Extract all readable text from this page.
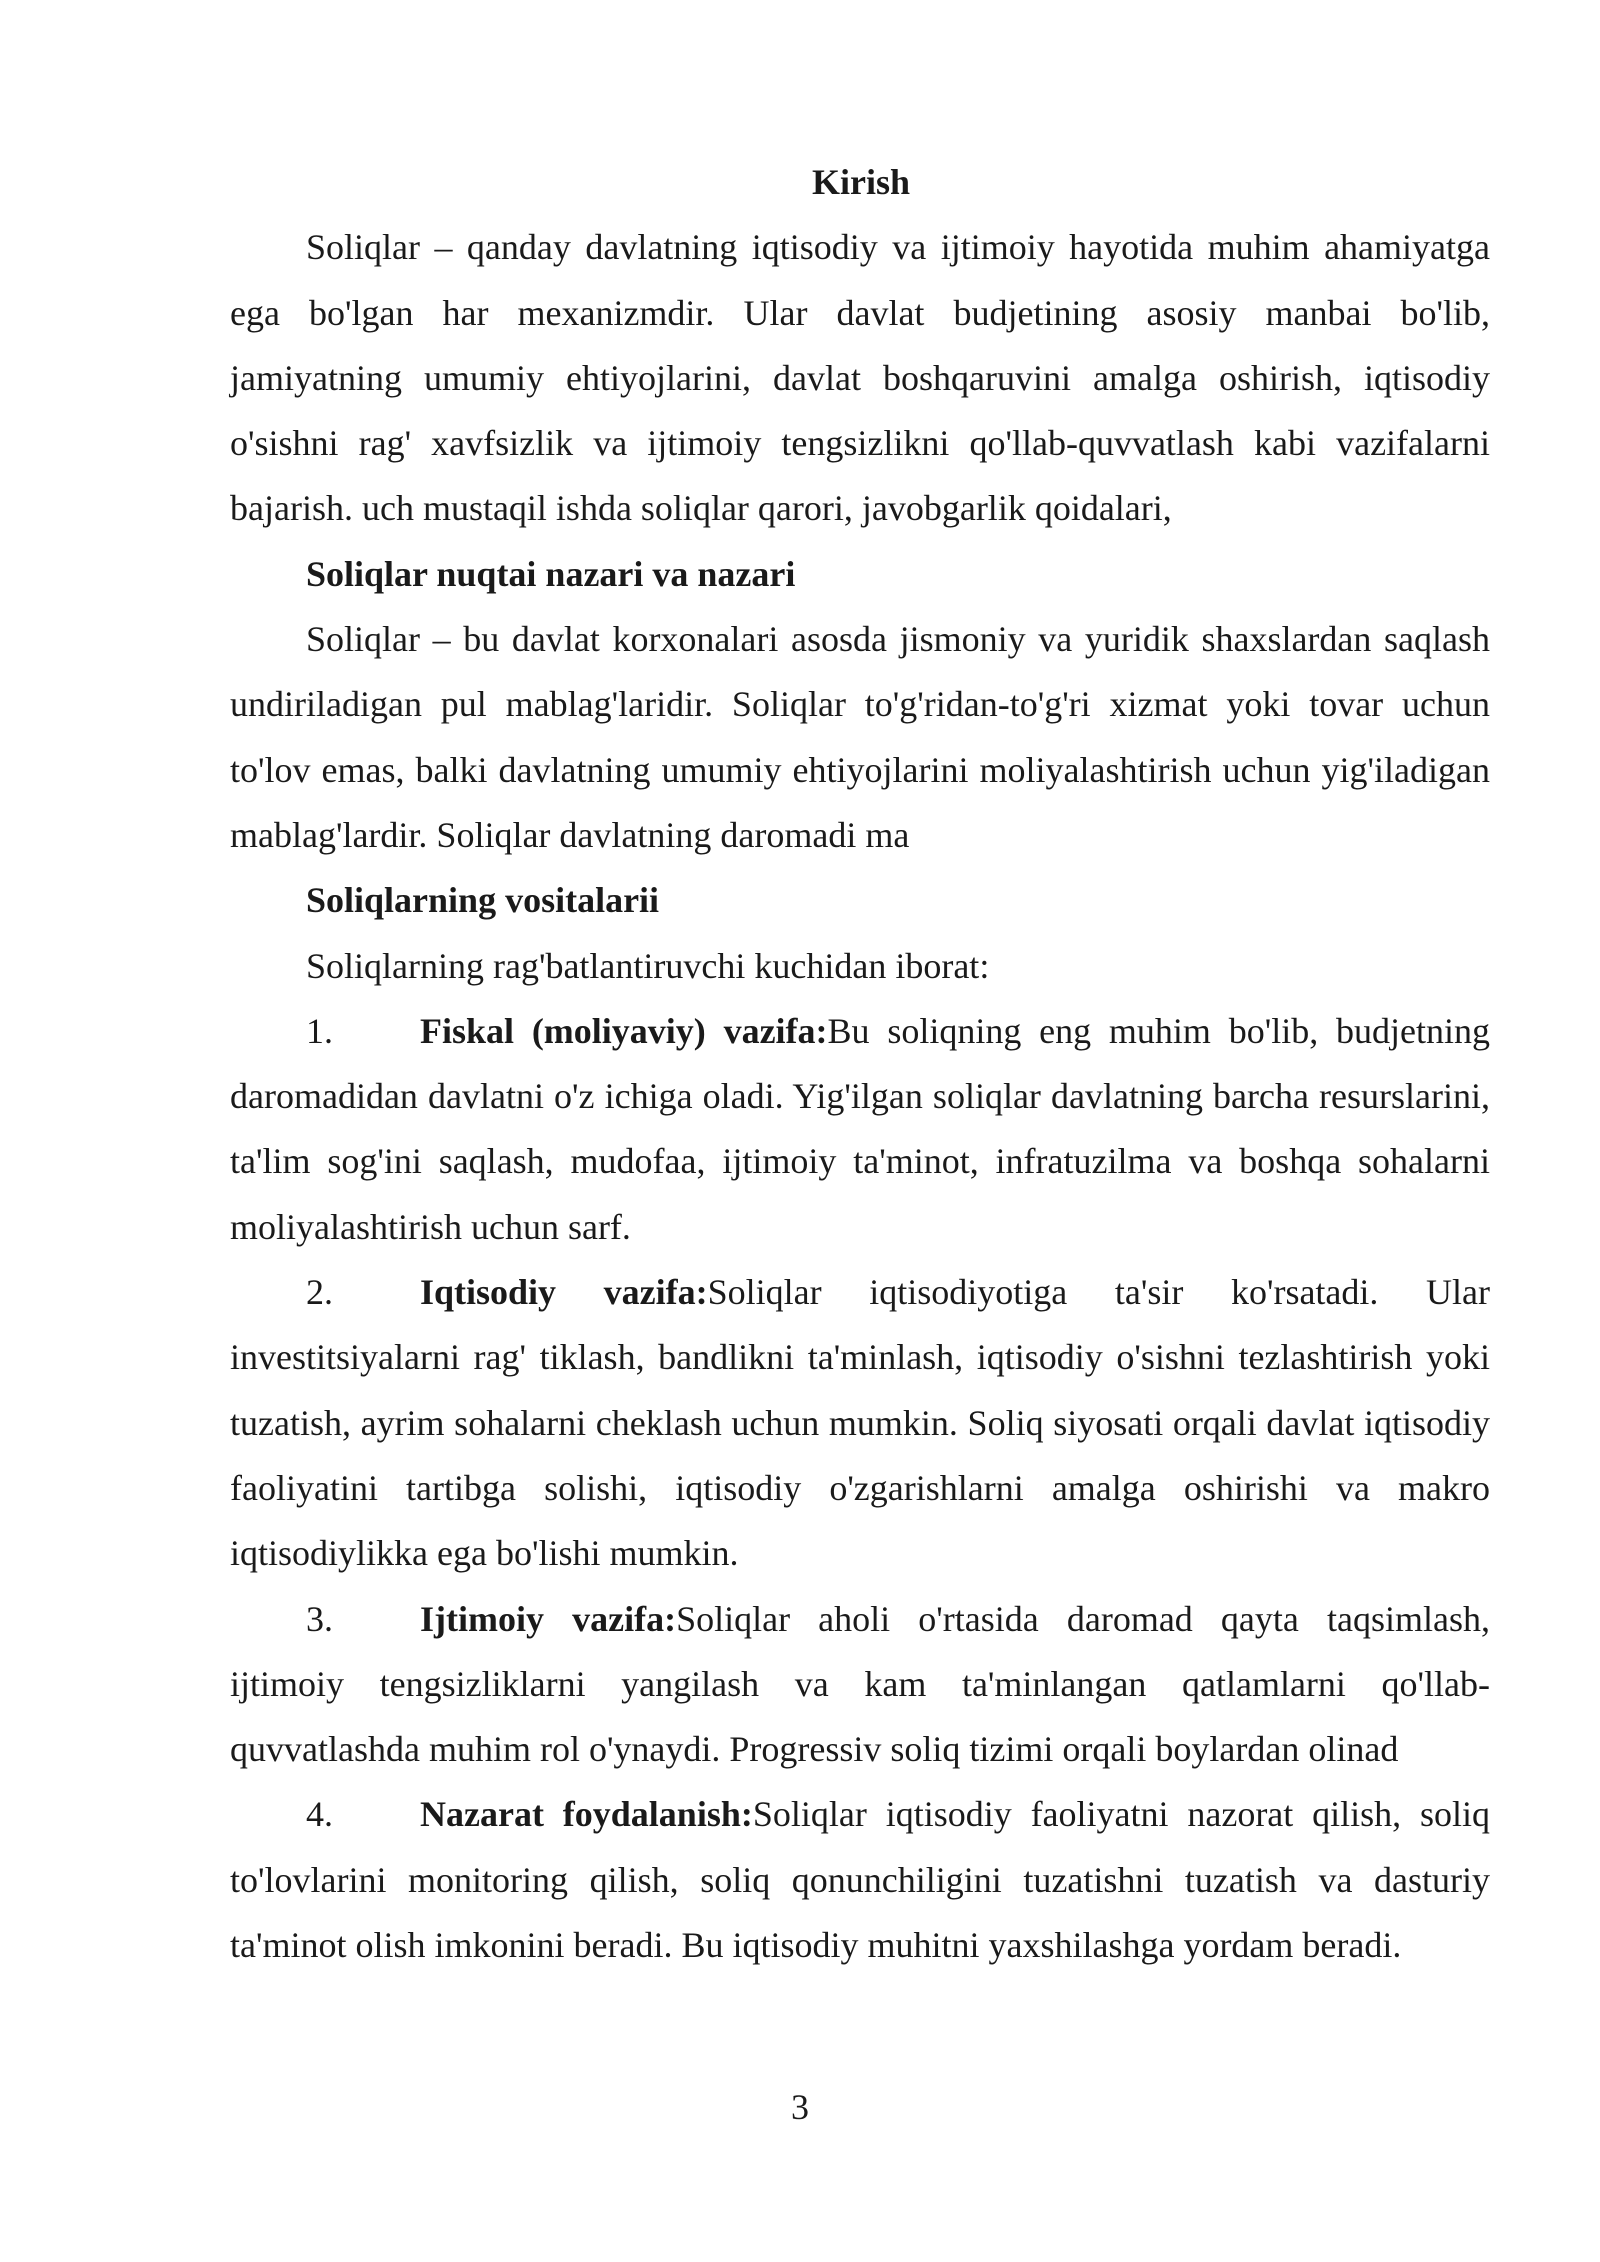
Kirish

Soliqlar – qanday davlatning iqtisodiy va ijtimoiy hayotida muhim ahamiyatga ega bo'lgan har mexanizmdir. Ular davlat budjetining asosiy manbai bo'lib, jamiyatning umumiy ehtiyojlarini, davlat boshqaruvini amalga oshirish, iqtisodiy o'sishni rag' xavfsizlik va ijtimoiy tengsizlikni qo'llab-quvvatlash kabi vazifalarni bajarish. uch mustaqil ishda soliqlar qarori, javobgarlik qoidalari,

Soliqlar nuqtai nazari va nazari

Soliqlar – bu davlat korxonalari asosda jismoniy va yuridik shaxslardan saqlash undiriladigan pul mablag'laridir. Soliqlar to'g'ridan-to'g'ri xizmat yoki tovar uchun to'lov emas, balki davlatning umumiy ehtiyojlarini moliyalashtirish uchun yig'iladigan mablag'lardir. Soliqlar davlatning daromadi ma

Soliqlarning vositalarii

Soliqlarning rag'batlantiruvchi kuchidan iborat:

1. Fiskal (moliyaviy) vazifa:Bu soliqning eng muhim bo'lib, budjetning daromadidan davlatni o'z ichiga oladi. Yig'ilgan soliqlar davlatning barcha resurslarini, ta'lim sog'ini saqlash, mudofaa, ijtimoiy ta'minot, infratuzilma va boshqa sohalarni moliyalashtirish uchun sarf.

2. Iqtisodiy vazifa:Soliqlar iqtisodiyotiga ta'sir ko'rsatadi. Ular investitsiyalarni rag' tiklash, bandlikni ta'minlash, iqtisodiy o'sishni tezlashtirish yoki tuzatish, ayrim sohalarni cheklash uchun mumkin. Soliq siyosati orqali davlat iqtisodiy faoliyatini tartibga solishi, iqtisodiy o'zgarishlarni amalga oshirishi va makro iqtisodiylikka ega bo'lishi mumkin.

3. Ijtimoiy vazifa:Soliqlar aholi o'rtasida daromad qayta taqsimlash, ijtimoiy tengsizliklarni yangilash va kam ta'minlangan qatlamlarni qo'llab-quvvatlashda muhim rol o'ynaydi. Progressiv soliq tizimi orqali boylardan olinad

4. Nazarat foydalanish:Soliqlar iqtisodiy faoliyatni nazorat qilish, soliq to'lovlarini monitoring qilish, soliq qonunchiligini tuzatishni tuzatish va dasturiy ta'minot olish imkonini beradi. Bu iqtisodiy muhitni yaxshilashga yordam beradi.

3
